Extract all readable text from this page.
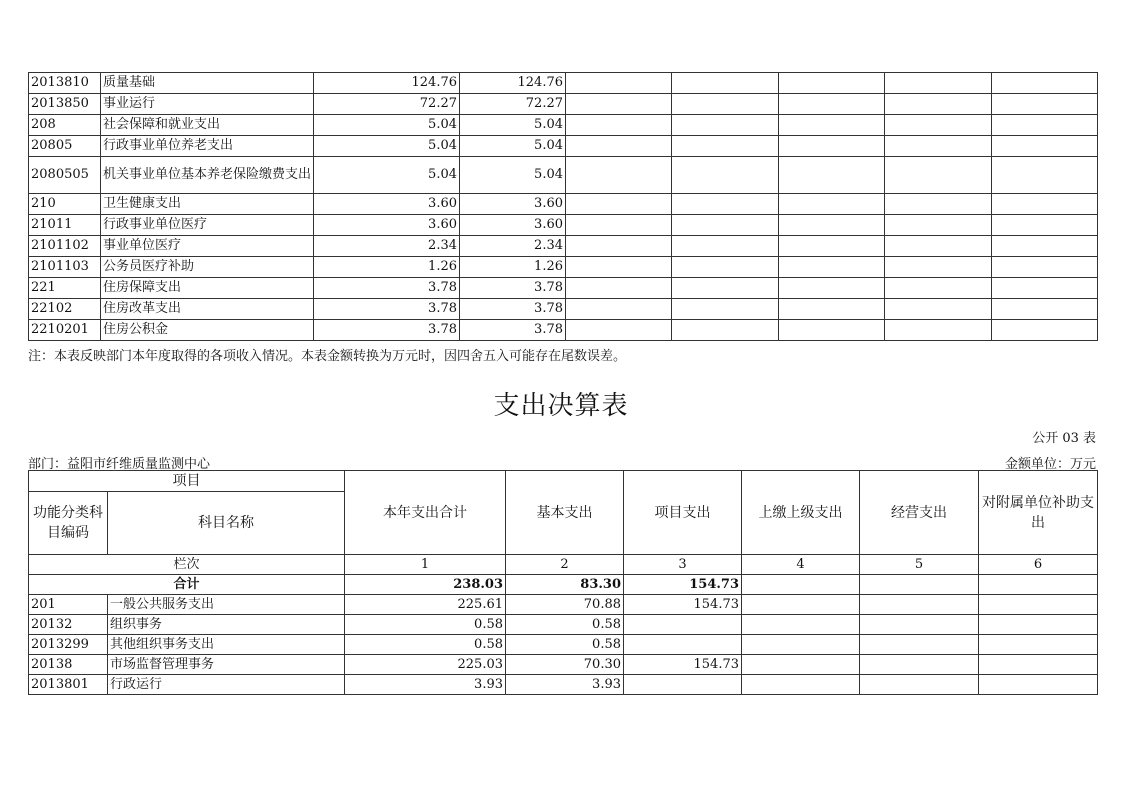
2013810	质量基础	124.76	124.76					
2013850	事业运行	72.27	72.27					
208	社会保障和就业支出	5.04	5.04					
20805	行政事业单位养老支出	5.04	5.04					
2080505	机关事业单位基本养老保险缴费支出	5.04	5.04					
210	卫生健康支出	3.60	3.60					
21011	行政事业单位医疗	3.60	3.60					
2101102	事业单位医疗	2.34	2.34					
2101103	公务员医疗补助	1.26	1.26					
221	住房保障支出	3.78	3.78					
22102	住房改革支出	3.78	3.78					
2210201	住房公积金	3.78	3.78					
注：本表反映部门本年度取得的各项收入情况。本表金额转换为万元时，因四舍五入可能存在尾数误差。
支出决算表
公开 03 表
部门：益阳市纤维质量监测中心	金额单位：万元
项目		本年支出合计	基本支出	项目支出	上缴上级支出	经营支出	对附属单位补助支出
功能分类科目编码	科目名称						
栏次		1	2	3	4	5	6
合计		238.03	83.30	154.73			
201	一般公共服务支出	225.61	70.88	154.73			
20132	组织事务	0.58	0.58				
2013299	其他组织事务支出	0.58	0.58				
20138	市场监督管理事务	225.03	70.30	154.73			
2013801	行政运行	3.93	3.93				
